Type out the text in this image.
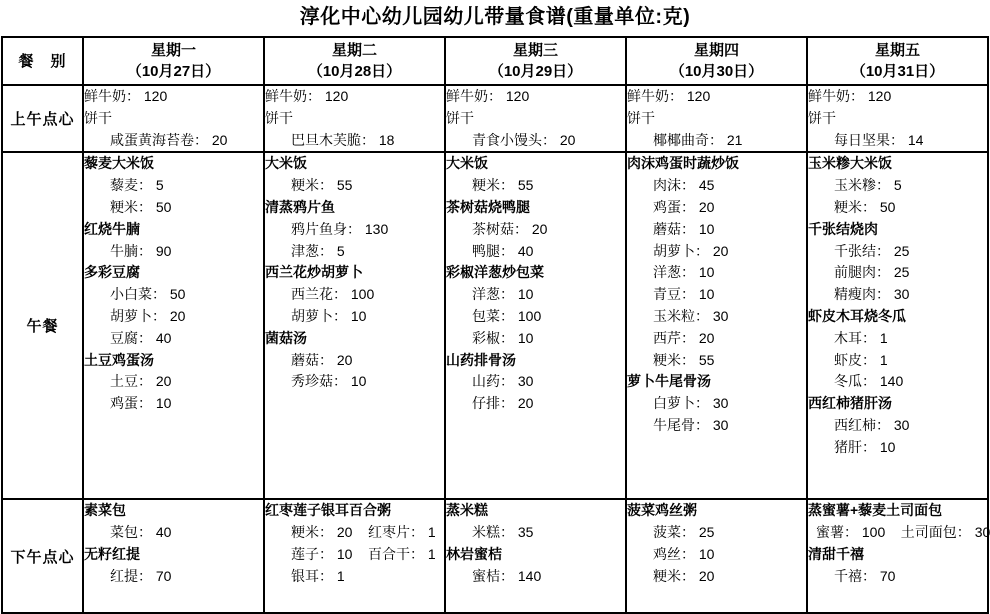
淳化中心幼儿园幼儿带量食谱(重量单位:克)
餐　别	
星期一
（10月27日）

星期二
（10月28日）

星期三
（10月29日）

星期四
（10月30日）

星期五
（10月31日）

上午点心	
鲜牛奶： 120
饼干
咸蛋黄海苔卷： 20

鲜牛奶： 120
饼干
巴旦木芙脆： 18

鲜牛奶： 120
饼干
青食小馒头： 20

鲜牛奶： 120
饼干
椰椰曲奇： 21

鲜牛奶： 120
饼干
每日坚果： 14

午餐	
藜麦大米饭
藜麦： 5
粳米： 50
红烧牛腩
牛腩： 90
多彩豆腐
小白菜： 50
胡萝卜： 20
豆腐： 40
土豆鸡蛋汤
土豆： 20
鸡蛋： 10

大米饭
粳米： 55
清蒸鸦片鱼
鸦片鱼身： 130
津葱： 5
西兰花炒胡萝卜
西兰花： 100
胡萝卜： 10
菌菇汤
蘑菇： 20
秀珍菇： 10

大米饭
粳米： 55
茶树菇烧鸭腿
茶树菇： 20
鸭腿： 40
彩椒洋葱炒包菜
洋葱： 10
包菜： 100
彩椒： 10
山药排骨汤
山药： 30
仔排： 20

肉沫鸡蛋时蔬炒饭
肉沫： 45
鸡蛋： 20
蘑菇： 10
胡萝卜： 20
洋葱： 10
青豆： 10
玉米粒： 30
西芹： 20
粳米： 55
萝卜牛尾骨汤
白萝卜： 30
牛尾骨： 30

玉米糁大米饭
玉米糁： 5
粳米： 50
千张结烧肉
千张结： 25
前腿肉： 25
精瘦肉： 30
虾皮木耳烧冬瓜
木耳： 1
虾皮： 1
冬瓜： 140
西红柿猪肝汤
西红柿： 30
猪肝： 10

下午点心	
素菜包
菜包： 40
无籽红提
红提： 70

红枣莲子银耳百合粥
粳米： 20    红枣片： 1
莲子： 10    百合干： 1
银耳： 1

蒸米糕
米糕： 35
林岩蜜桔
蜜桔： 140

菠菜鸡丝粥
菠菜： 25
鸡丝： 10
粳米： 20

蒸蜜薯+藜麦土司面包
蜜薯： 100    土司面包： 30
清甜千禧
千禧： 70
